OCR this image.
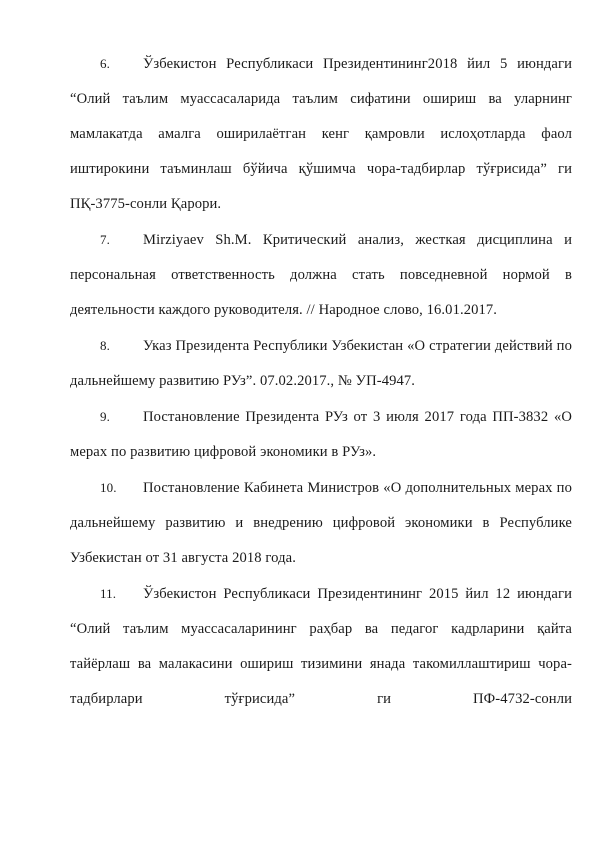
6. Ўзбекистон Республикаси Президентининг2018 йил 5 июндаги “Олий таълим муассасаларида таълим сифатини ошириш ва уларнинг мамлакатда амалга оширилаётган кенг қамровли ислоҳотларда фаол иштирокини таъминлаш бўйича қўшимча чора-тадбирлар тўғрисида” ги ПҚ-3775-сонли Қарори.

7. Mirziyaev Sh.M. Критический анализ, жесткая дисциплина и персональная ответственность должна стать повседневной нормой в деятельности каждого руководителя. // Народное слово, 16.01.2017.

8. Указ Президента Республики Узбекистан «О стратегии действий по дальнейшему развитию РУз”. 07.02.2017., № УП-4947.

9. Постановление Президента РУз от 3 июля 2017 года ПП-3832 «О мерах по развитию цифровой экономики в РУз».

10. Постановление Кабинета Министров «О дополнительных мерах по дальнейшему развитию и внедрению цифровой экономики в Республике Узбекистан от 31 августа 2018 года.

11. Ўзбекистон Республикаси Президентининг 2015 йил 12 июндаги “Олий таълим муассасаларининг раҳбар ва педагог кадрларини қайта тайёрлаш ва малакасини ошириш тизимини янада такомиллаштириш чора-тадбирлари тўғрисида” ги ПФ-4732-сонли
